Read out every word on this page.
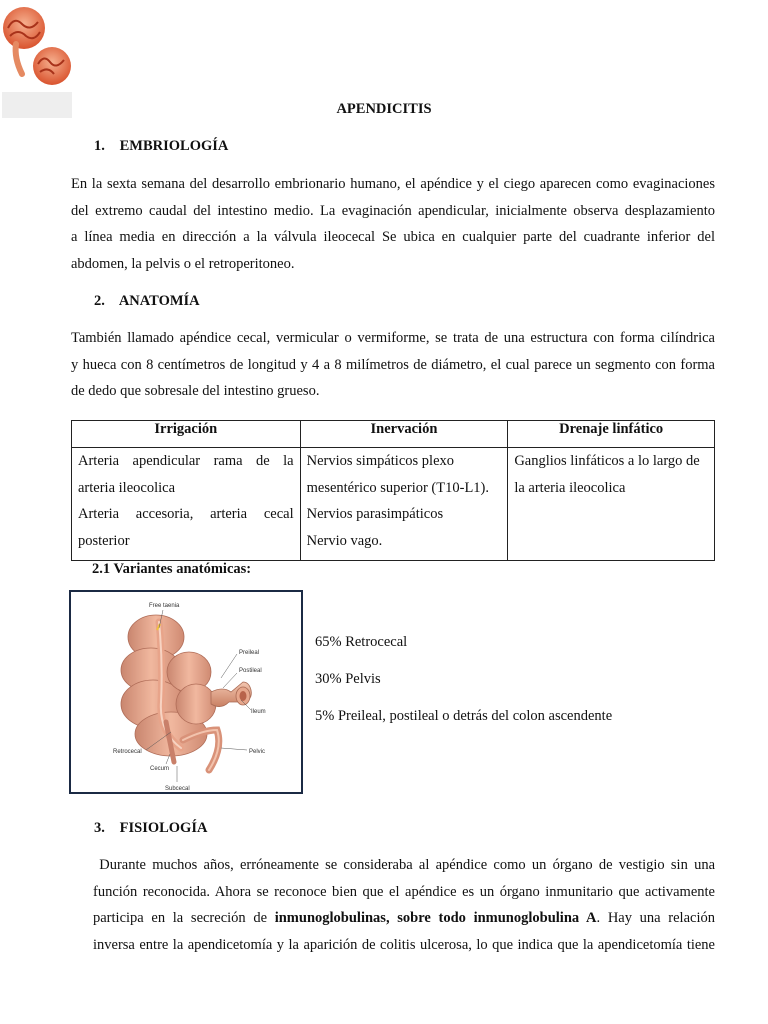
APENDICITIS
1. EMBRIOLOGÍA
En la sexta semana del desarrollo embrionario humano, el apéndice y el ciego aparecen como evaginaciones
del extremo caudal del intestino medio. La evaginación apendicular, inicialmente observa desplazamiento
a línea media en dirección a la válvula ileocecal Se ubica en cualquier parte del cuadrante inferior del
abdomen, la pelvis o el retroperitoneo.
2. ANATOMÍA
También llamado apéndice cecal, vermicular o vermiforme, se trata de una estructura con forma cilíndrica
y hueca con 8 centímetros de longitud y 4 a 8 milímetros de diámetro, el cual parece un segmento con forma
de dedo que sobresale del intestino grueso.
Irrigación	Inervación	Drenaje linfático

Arteria apendicular rama de la
arteria ileocolica
Arteria accesoria, arteria cecal
posterior	Nervios simpáticos plexo
mesentérico superior (T10-L1).
Nervios parasimpáticos
Nervio vago.	Ganglios linfáticos a lo largo de
la arteria ileocolica
2.1 Variantes anatómicas:
Free taenia
Preileal
Postileal
Ileum
Retrocecal	Pelvic
Cecum
Subcecal
65% Retrocecal
30% Pelvis
5% Preileal, postileal o detrás del colon ascendente
3. FISIOLOGÍA
Durante muchos años, erróneamente se consideraba al apéndice como un órgano de vestigio sin una
función reconocida. Ahora se reconoce bien que el apéndice es un órgano inmunitario que activamente
participa en la secreción de inmunoglobulinas, sobre todo inmunoglobulina A. Hay una relación
inversa entre la apendicetomía y la aparición de colitis ulcerosa, lo que indica que la apendicetomía tiene
